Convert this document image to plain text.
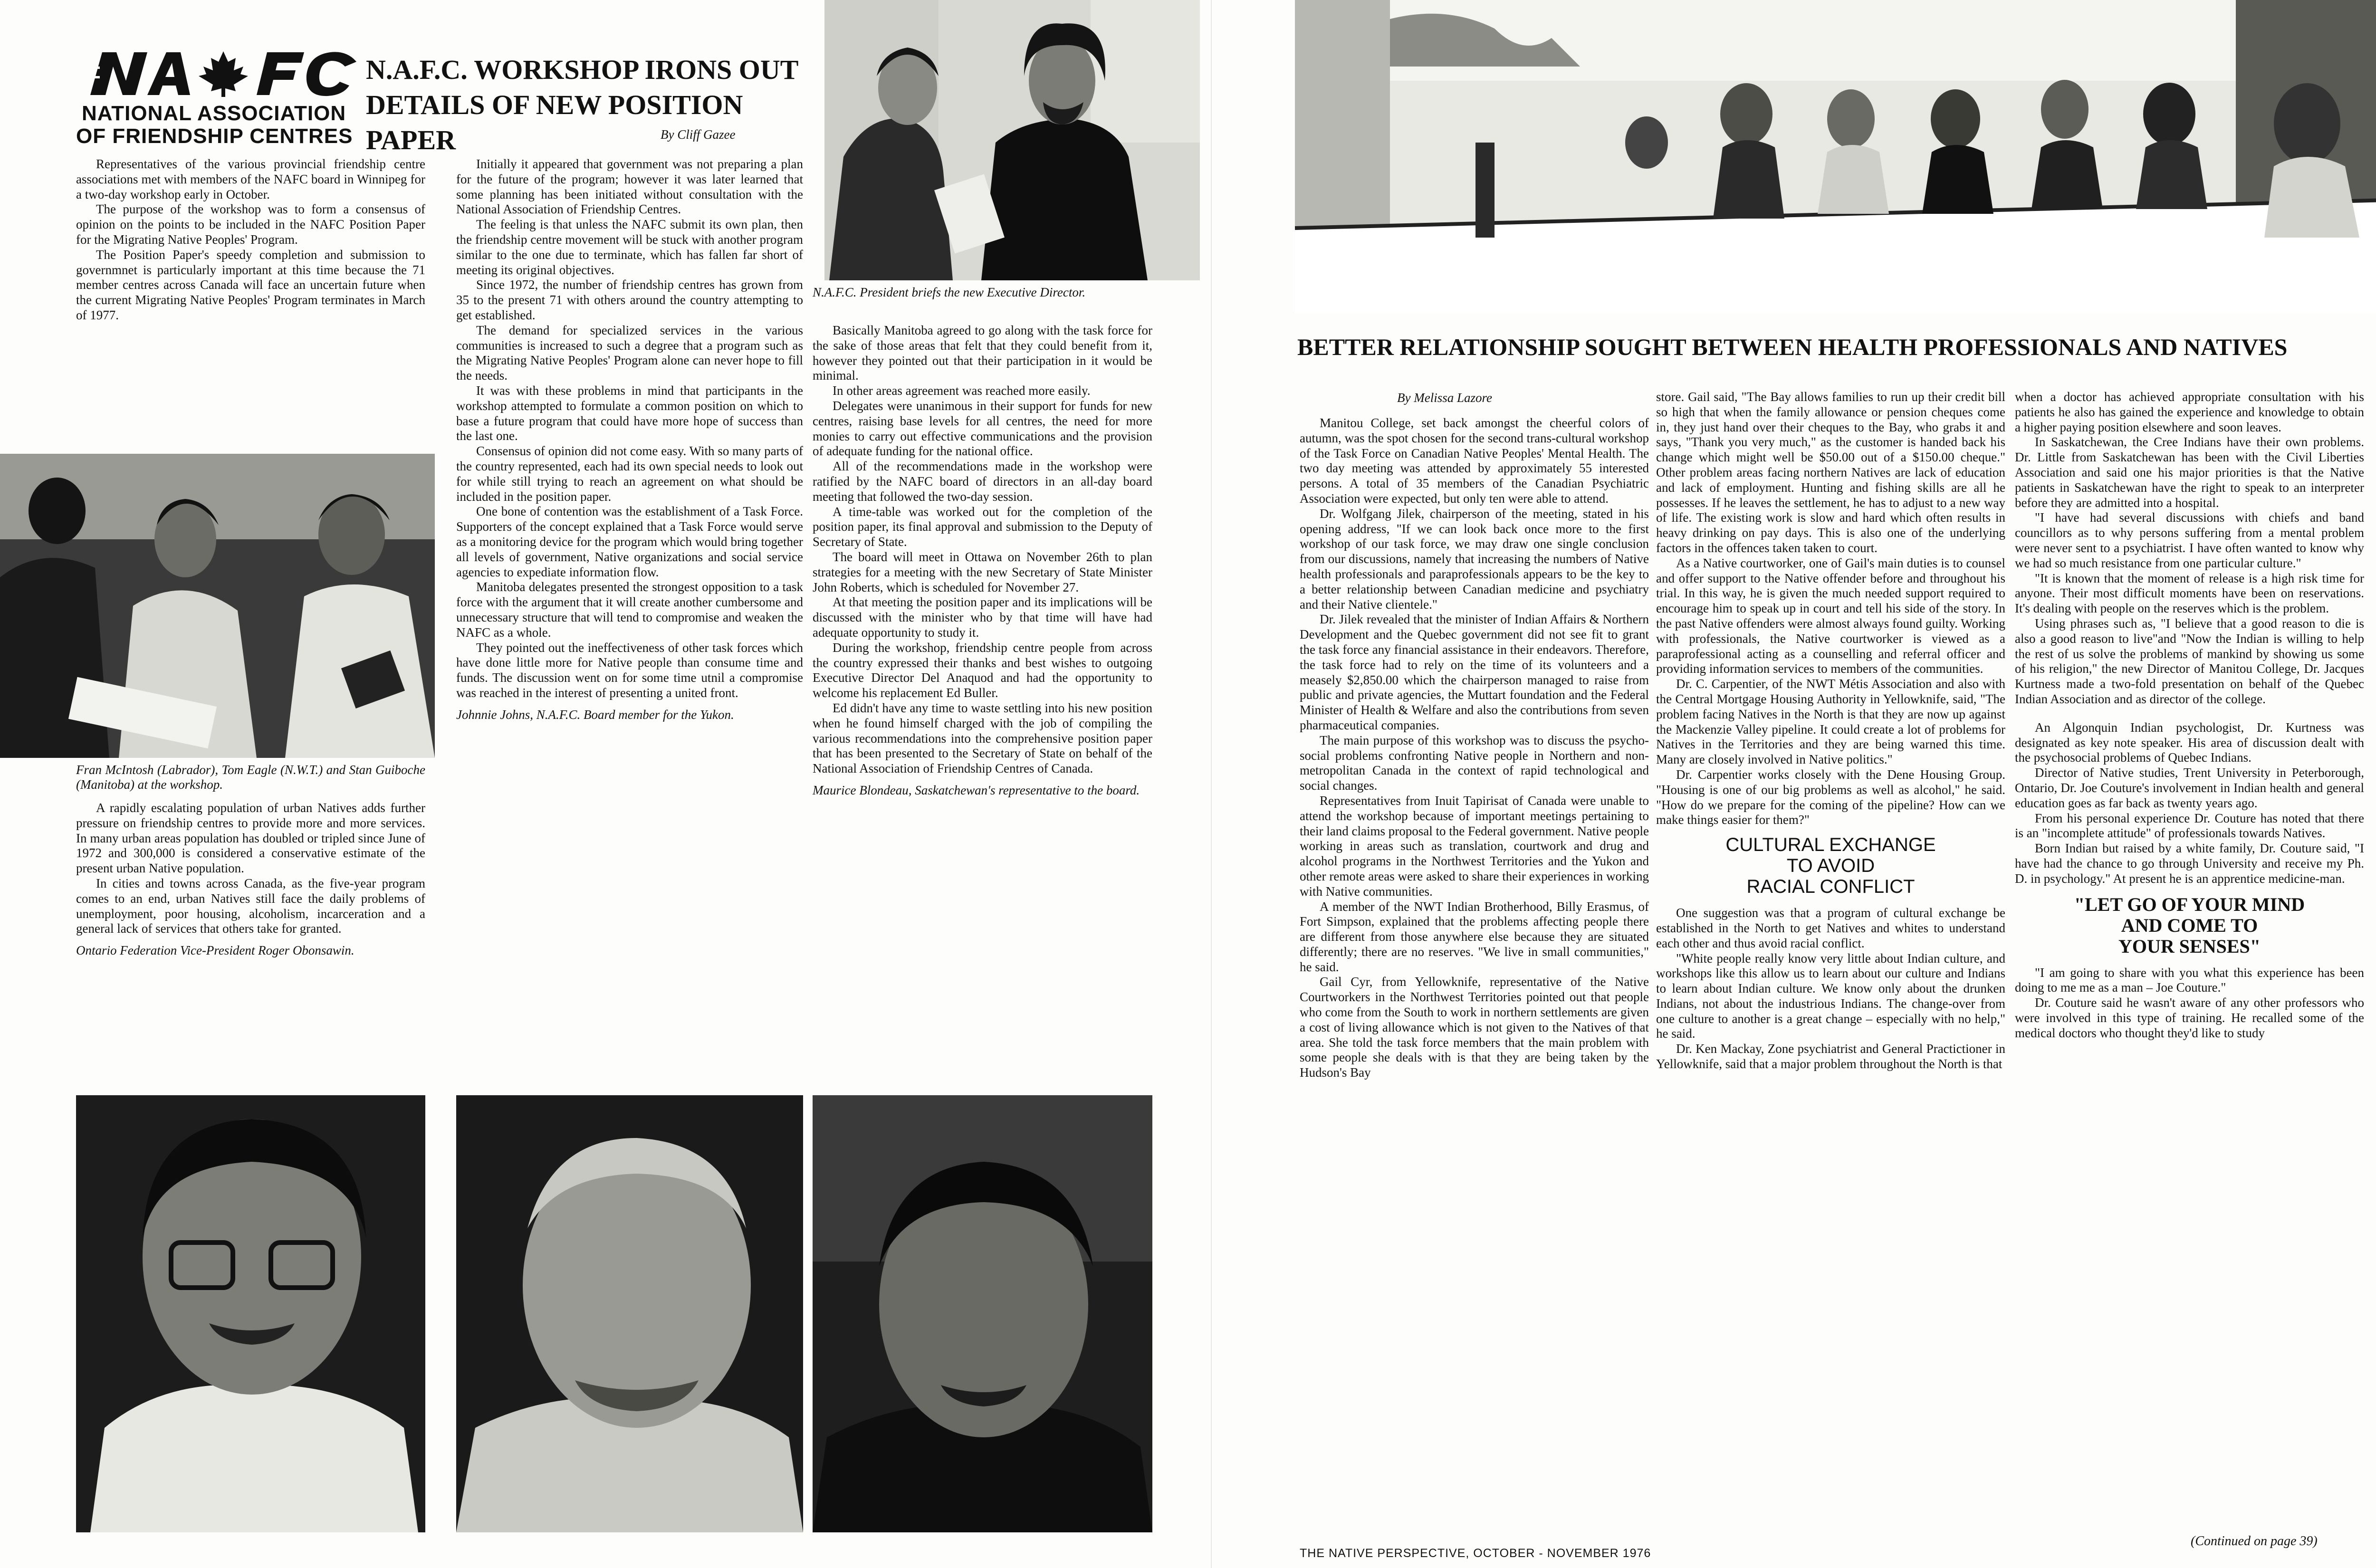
NATIONAL ASSOCIATION
OF FRIENDSHIP CENTRES
N.A.F.C. WORKSHOP IRONS OUT
DETAILS OF NEW POSITION PAPER	By Cliff Gazee

N.A.F.C. President briefs the new Executive Director.

Representatives of the various provincial friendship centre associations met with members of the NAFC board in Winnipeg for a two-day workshop early in October.

The purpose of the workshop was to form a consensus of opinion on the points to be included in the NAFC Position Paper for the Migrating Native Peoples' Program.

The Position Paper's speedy completion and submission to governmnet is particularly important at this time because the 71 member centres across Canada will face an uncertain future when the current Migrating Native Peoples' Program terminates in March of 1977.

Fran McIntosh (Labrador), Tom Eagle (N.W.T.) and Stan Guiboche (Manitoba) at the workshop.

A rapidly escalating population of urban Natives adds further pressure on friendship centres to provide more and more services. In many urban areas population has doubled or tripled since June of 1972 and 300,000 is considered a conservative estimate of the present urban Native population.

In cities and towns across Canada, as the five-year program comes to an end, urban Natives still face the daily problems of unemployment, poor housing, alcoholism, incarceration and a general lack of services that others take for granted.

Ontario Federation Vice-President Roger Obonsawin.

Initially it appeared that government was not preparing a plan for the future of the program; however it was later learned that some planning has been initiated without consultation with the National Association of Friendship Centres.

The feeling is that unless the NAFC submit its own plan, then the friendship centre movement will be stuck with another program similar to the one due to terminate, which has fallen far short of meeting its original objectives.

Since 1972, the number of friendship centres has grown from 35 to the present 71 with others around the country attempting to get established.

The demand for specialized services in the various communities is increased to such a degree that a program such as the Migrating Native Peoples' Program alone can never hope to fill the needs.

It was with these problems in mind that participants in the workshop attempted to formulate a common position on which to base a future program that could have more hope of success than the last one.

Consensus of opinion did not come easy. With so many parts of the country represented, each had its own special needs to look out for while still trying to reach an agreement on what should be included in the position paper.

One bone of contention was the establishment of a Task Force. Supporters of the concept explained that a Task Force would serve as a monitoring device for the program which would bring together all levels of government, Native organizations and social service agencies to expediate information flow.

Manitoba delegates presented the strongest opposition to a task force with the argument that it will create another cumbersome and unnecessary structure that will tend to compromise and weaken the NAFC as a whole.

They pointed out the ineffectiveness of other task forces which have done little more for Native people than consume time and funds. The discussion went on for some time utnil a compromise was reached in the interest of presenting a united front.

Johnnie Johns, N.A.F.C. Board member for the Yukon.

Basically Manitoba agreed to go along with the task force for the sake of those areas that felt that they could benefit from it, however they pointed out that their participation in it would be minimal.

In other areas agreement was reached more easily.

Delegates were unanimous in their support for funds for new centres, raising base levels for all centres, the need for more monies to carry out effective communications and the provision of adequate funding for the national office.

All of the recommendations made in the workshop were ratified by the NAFC board of directors in an all-day board meeting that followed the two-day session.

A time-table was worked out for the completion of the position paper, its final approval and submission to the Deputy of Secretary of State.

The board will meet in Ottawa on November 26th to plan strategies for a meeting with the new Secretary of State Minister John Roberts, which is scheduled for November 27.

At that meeting the position paper and its implications will be discussed with the minister who by that time will have had adequate opportunity to study it.

During the workshop, friendship centre people from across the country expressed their thanks and best wishes to outgoing Executive Director Del Anaquod and had the opportunity to welcome his replacement Ed Buller.

Ed didn't have any time to waste settling into his new position when he found himself charged with the job of compiling the various recommendations into the comprehensive position paper that has been presented to the Secretary of State on behalf of the National Association of Friendship Centres of Canada.

Maurice Blondeau, Saskatchewan's representative to the board.

BETTER RELATIONSHIP SOUGHT BETWEEN HEALTH PROFESSIONALS AND NATIVES
By Melissa Lazore

Manitou College, set back amongst the cheerful colors of autumn, was the spot chosen for the second trans-cultural workshop of the Task Force on Canadian Native Peoples' Mental Health. The two day meeting was attended by approximately 55 interested persons. A total of 35 members of the Canadian Psychiatric Association were expected, but only ten were able to attend.

Dr. Wolfgang Jilek, chairperson of the meeting, stated in his opening address, "If we can look back once more to the first workshop of our task force, we may draw one single conclusion from our discussions, namely that increasing the numbers of Native health professionals and paraprofessionals appears to be the key to a better relationship between Canadian medicine and psychiatry and their Native clientele."

Dr. Jilek revealed that the minister of Indian Affairs & Northern Development and the Quebec government did not see fit to grant the task force any financial assistance in their endeavors. Therefore, the task force had to rely on the time of its volunteers and a measely $2,850.00 which the chairperson managed to raise from public and private agencies, the Muttart foundation and the Federal Minister of Health & Welfare and also the contributions from seven pharmaceutical companies.

The main purpose of this workshop was to discuss the psycho-social problems confronting Native people in Northern and non-metropolitan Canada in the context of rapid technological and social changes.

Representatives from Inuit Tapirisat of Canada were unable to attend the workshop because of important meetings pertaining to their land claims proposal to the Federal government. Native people working in areas such as translation, courtwork and drug and alcohol programs in the Northwest Territories and the Yukon and other remote areas were asked to share their experiences in working with Native communities.

A member of the NWT Indian Brotherhood, Billy Erasmus, of Fort Simpson, explained that the problems affecting people there are different from those anywhere else because they are situated differently; there are no reserves. "We live in small communities," he said.

Gail Cyr, from Yellowknife, representative of the Native Courtworkers in the Northwest Territories pointed out that people who come from the South to work in northern settlements are given a cost of living allowance which is not given to the Natives of that area. She told the task force members that the main problem with some people she deals with is that they are being taken by the Hudson's Bay

store. Gail said, "The Bay allows families to run up their credit bill so high that when the family allowance or pension cheques come in, they just hand over their cheques to the Bay, who grabs it and says, "Thank you very much," as the customer is handed back his change which might well be $50.00 out of a $150.00 cheque." Other problem areas facing northern Natives are lack of education and lack of employment. Hunting and fishing skills are all he possesses. If he leaves the settlement, he has to adjust to a new way of life. The existing work is slow and hard which often results in heavy drinking on pay days. This is also one of the underlying factors in the offences taken taken to court.

As a Native courtworker, one of Gail's main duties is to counsel and offer support to the Native offender before and throughout his trial. In this way, he is given the much needed support required to encourage him to speak up in court and tell his side of the story. In the past Native offenders were almost always found guilty. Working with professionals, the Native courtworker is viewed as a paraprofessional acting as a counselling and referral officer and providing information services to members of the communities.

Dr. C. Carpentier, of the NWT Métis Association and also with the Central Mortgage Housing Authority in Yellowknife, said, "The problem facing Natives in the North is that they are now up against the Mackenzie Valley pipeline. It could create a lot of problems for Natives in the Territories and they are being warned this time. Many are closely involved in Native politics."

Dr. Carpentier works closely with the Dene Housing Group. "Housing is one of our big problems as well as alcohol," he said. "How do we prepare for the coming of the pipeline? How can we make things easier for them?"

CULTURAL EXCHANGE
TO AVOID
RACIAL CONFLICT

One suggestion was that a program of cultural exchange be established in the North to get Natives and whites to understand each other and thus avoid racial conflict.

"White people really know very little about Indian culture, and workshops like this allow us to learn about our culture and Indians to learn about Indian culture. We know only about the drunken Indians, not about the industrious Indians. The change-over from one culture to another is a great change – especially with no help," he said.

Dr. Ken Mackay, Zone psychiatrist and General Practictioner in Yellowknife, said that a major problem throughout the North is that

when a doctor has achieved appropriate consultation with his patients he also has gained the experience and knowledge to obtain a higher paying position elsewhere and soon leaves.

In Saskatchewan, the Cree Indians have their own problems. Dr. Little from Saskatchewan has been with the Civil Liberties Association and said one his major priorities is that the Native patients in Saskatchewan have the right to speak to an interpreter before they are admitted into a hospital.

"I have had several discussions with chiefs and band councillors as to why persons suffering from a mental problem were never sent to a psychiatrist. I have often wanted to know why we had so much resistance from one particular culture."

"It is known that the moment of release is a high risk time for anyone. Their most difficult moments have been on reservations. It's dealing with people on the reserves which is the problem.

Using phrases such as, "I believe that a good reason to die is also a good reason to live"and "Now the Indian is willing to help the rest of us solve the problems of mankind by showing us some of his religion," the new Director of Manitou College, Dr. Jacques Kurtness made a two-fold presentation on behalf of the Quebec Indian Association and as director of the college.

An Algonquin Indian psychologist, Dr. Kurtness was designated as key note speaker. His area of discussion dealt with the psychosocial problems of Quebec Indians.

Director of Native studies, Trent University in Peterborough, Ontario, Dr. Joe Couture's involvement in Indian health and general education goes as far back as twenty years ago.

From his personal experience Dr. Couture has noted that there is an "incomplete attitude" of professionals towards Natives.

Born Indian but raised by a white family, Dr. Couture said, "I have had the chance to go through University and receive my Ph. D. in psychology." At present he is an apprentice medicine-man.

"LET GO OF YOUR MIND
AND COME TO
YOUR SENSES"

"I am going to share with you what this experience has been doing to me me as a man – Joe Couture."

Dr. Couture said he wasn't aware of any other professors who were involved in this type of training. He recalled some of the medical doctors who thought they'd like to study

(Continued on page 39)
THE NATIVE PERSPECTIVE, OCTOBER - NOVEMBER 1976
